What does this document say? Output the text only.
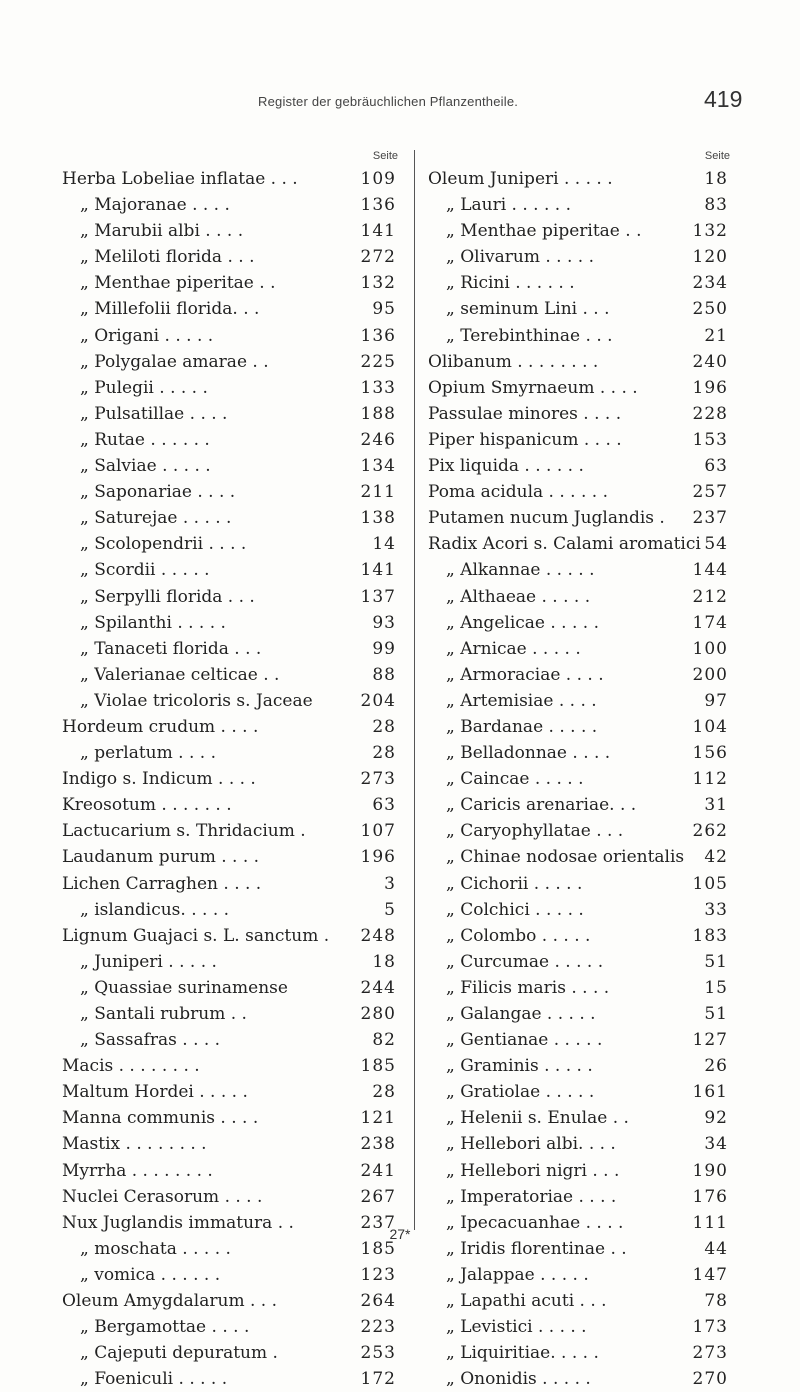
Register der gebräuchlichen Pflanzentheile.	419
Seite
Herba Lobeliae inflatae . . .	109
„ Majoranae . . . .	136
„ Marubii albi . . . .	141
„ Meliloti florida . . .	272
„ Menthae piperitae . .	132
„ Millefolii florida. . .	95
„ Origani . . . . .	136
„ Polygalae amarae . .	225
„ Pulegii . . . . .	133
„ Pulsatillae . . . .	188
„ Rutae . . . . . .	246
„ Salviae . . . . .	134
„ Saponariae . . . .	211
„ Saturejae . . . . .	138
„ Scolopendrii . . . .	14
„ Scordii . . . . .	141
„ Serpylli florida . . .	137
„ Spilanthi . . . . .	93
„ Tanaceti florida . . .	99
„ Valerianae celticae . .	88
„ Violae tricoloris s. Jaceae	204
Hordeum crudum . . . .	28
„ perlatum . . . .	28
Indigo s. Indicum . . . .	273
Kreosotum . . . . . . .	63
Lactucarium s. Thridacium .	107
Laudanum purum . . . .	196
Lichen Carraghen . . . .	3
„ islandicus. . . . .	5
Lignum Guajaci s. L. sanctum . 248
„ Juniperi . . . . .	18
„ Quassiae surinamense	244
„ Santali rubrum . .	280
„ Sassafras . . . .	82
Macis . . . . . . . .	185
Maltum Hordei . . . . .	28
Manna communis . . . .	121
Mastix . . . . . . . .	238
Myrrha . . . . . . . .	241
Nuclei Cerasorum . . . .	267
Nux Juglandis immatura . .	237
„ moschata . . . . .	185
„ vomica . . . . . .	123
Oleum Amygdalarum . . .	264
„ Bergamottae . . . .	223
„ Cajeputi depuratum .	253
„ Foeniculi . . . . .	172
Seite
Oleum Juniperi . . . . .	18
„ Lauri . . . . . .	83
„ Menthae piperitae . .	132
„ Olivarum . . . . .	120
„ Ricini . . . . . .	234
„ seminum Lini . . .	250
„ Terebinthinae . . .	21
Olibanum . . . . . . . .	240
Opium Smyrnaeum . . . .	196
Passulae minores . . . .	228
Piper hispanicum . . . .	153
Pix liquida . . . . . .	63
Poma acidula . . . . . .	257
Putamen nucum Juglandis . 237
Radix Acori s. Calami aromatici 54
„ Alkannae . . . . .	144
„ Althaeae . . . . .	212
„ Angelicae . . . . .	174
„ Arnicae . . . . .	100
„ Armoraciae . . . .	200
„ Artemisiae . . . .	97
„ Bardanae . . . . .	104
„ Belladonnae . . . .	156
„ Caincae . . . . .	112
„ Caricis arenariae. . .	31
„ Caryophyllatae . . .	262
„ Chinae nodosae orientalis 42
„ Cichorii . . . . .	105
„ Colchici . . . . .	33
„ Colombo . . . . .	183
„ Curcumae . . . . .	51
„ Filicis maris . . . .	15
„ Galangae . . . . .	51
„ Gentianae . . . . .	127
„ Graminis . . . . .	26
„ Gratiolae . . . . .	161
„ Helenii s. Enulae . .	92
„ Hellebori albi. . . .	34
„ Hellebori nigri . . .	190
„ Imperatoriae . . . .	176
„ Ipecacuanhae . . . .	111
„ Iridis florentinae . .	44
„ Jalappae . . . . .	147
„ Lapathi acuti . . .	78
„ Levistici . . . . .	173
„ Liquiritiae. . . . .	273
„ Ononidis . . . . .	270
27*
